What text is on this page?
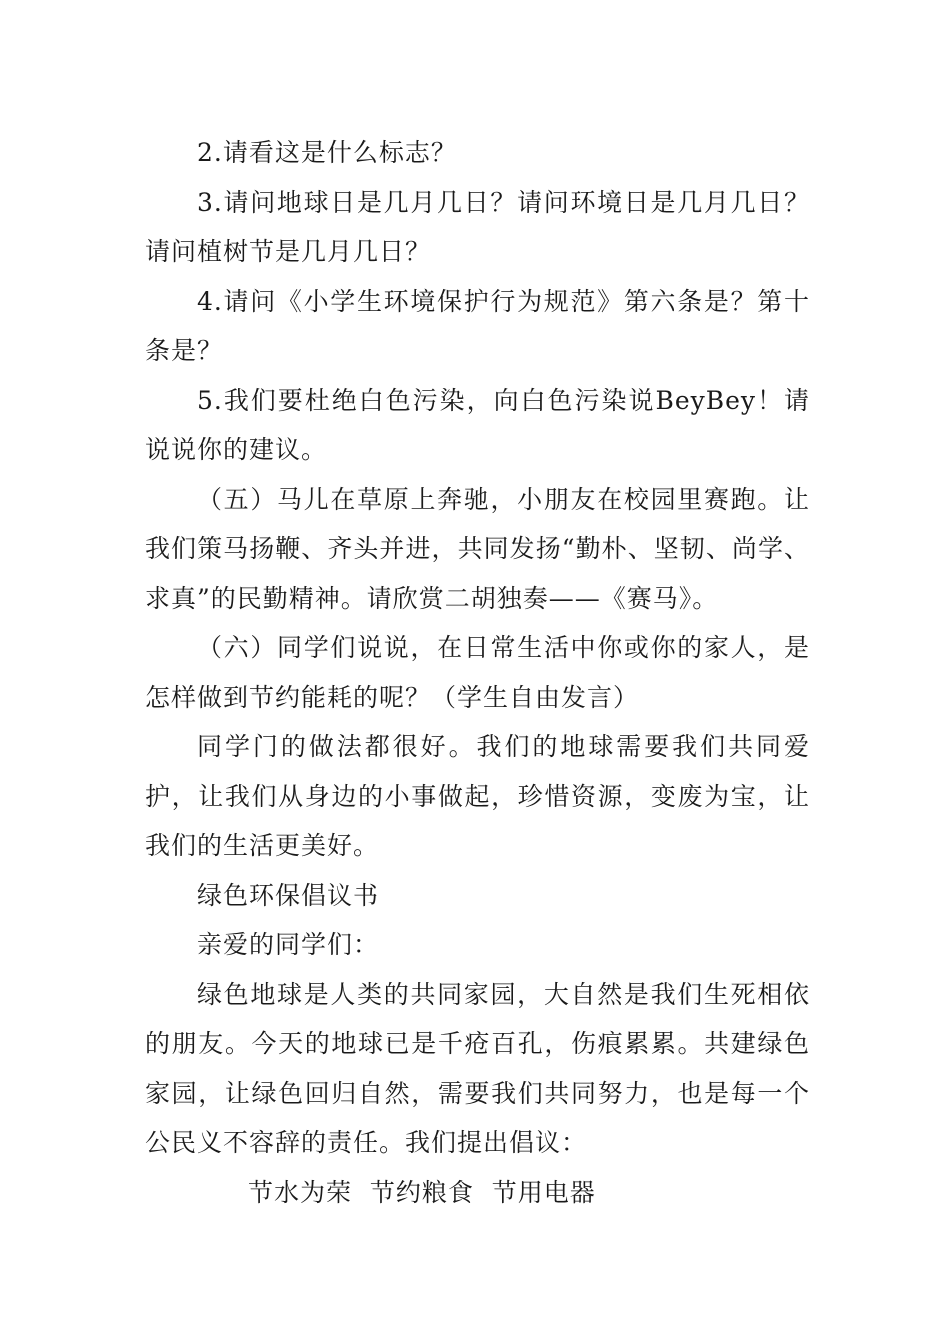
2.请看这是什么标志？

3.请问地球日是几月几日？请问环境日是几月几日？请问植树节是几月几日？

4.请问《小学生环境保护行为规范》第六条是？第十条是？

5.我们要杜绝白色污染，向白色污染说BeyBey！请说说你的建议。

（五）马儿在草原上奔驰，小朋友在校园里赛跑。让我们策马扬鞭、齐头并进，共同发扬“勤朴、坚韧、尚学、求真”的民勤精神。请欣赏二胡独奏——《赛马》。

（六）同学们说说，在日常生活中你或你的家人，是怎样做到节约能耗的呢？（学生自由发言）

同学门的做法都很好。我们的地球需要我们共同爱护，让我们从身边的小事做起，珍惜资源，变废为宝，让我们的生活更美好。

绿色环保倡议书

亲爱的同学们：

绿色地球是人类的共同家园，大自然是我们生死相依的朋友。今天的地球已是千疮百孔，伤痕累累。共建绿色家园，让绿色回归自然，需要我们共同努力，也是每一个公民义不容辞的责任。我们提出倡议：

节水为荣  节约粮食  节用电器
